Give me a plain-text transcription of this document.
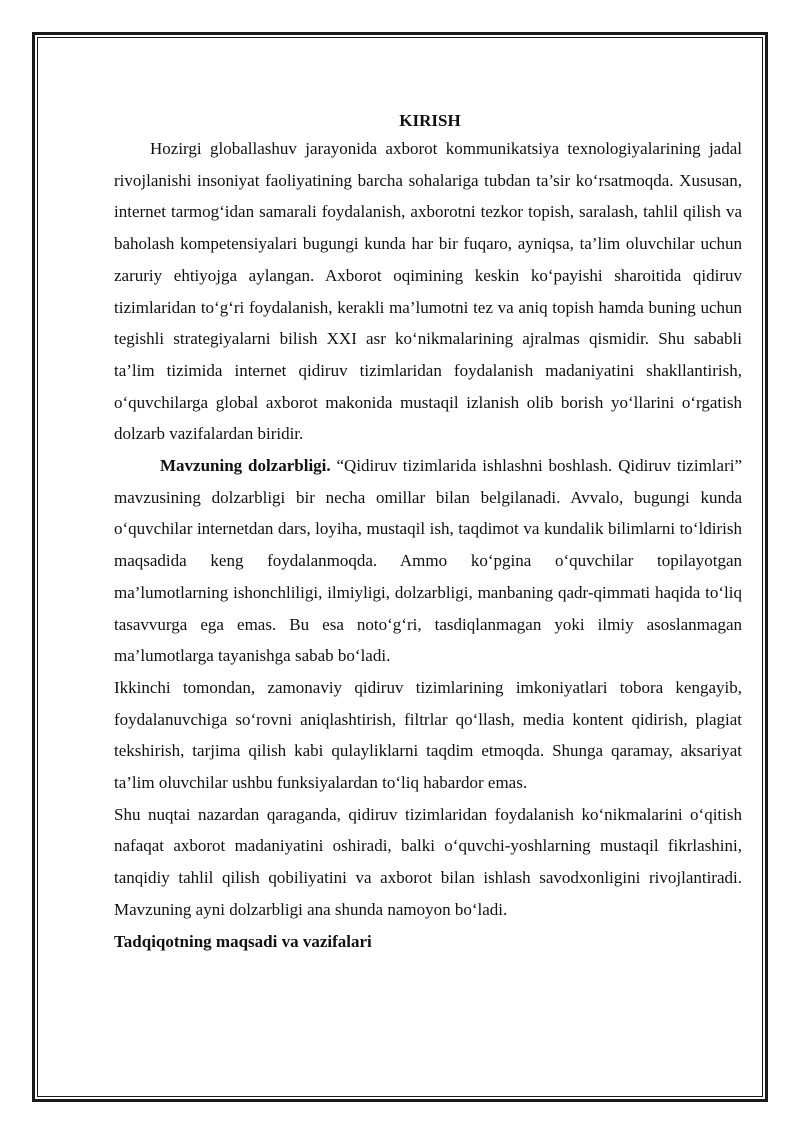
KIRISH

Hozirgi globallashuv jarayonida axborot kommunikatsiya texnologiyalarining jadal rivojlanishi insoniyat faoliyatining barcha sohalariga tubdan ta’sir ko‘rsatmoqda. Xususan, internet tarmog‘idan samarali foydalanish, axborotni tezkor topish, saralash, tahlil qilish va baholash kompetensiyalari bugungi kunda har bir fuqaro, ayniqsa, ta’lim oluvchilar uchun zaruriy ehtiyojga aylangan. Axborot oqimining keskin ko‘payishi sharoitida qidiruv tizimlaridan to‘g‘ri foydalanish, kerakli ma’lumotni tez va aniq topish hamda buning uchun tegishli strategiyalarni bilish XXI asr ko‘nikmalarining ajralmas qismidir. Shu sababli ta’lim tizimida internet qidiruv tizimlaridan foydalanish madaniyatini shakllantirish, o‘quvchilarga global axborot makonida mustaqil izlanish olib borish yo‘llarini o‘rgatish dolzarb vazifalardan biridir.

Mavzuning dolzarbligi. “Qidiruv tizimlarida ishlashni boshlash. Qidiruv tizimlari” mavzusining dolzarbligi bir necha omillar bilan belgilanadi. Avvalo, bugungi kunda o‘quvchilar internetdan dars, loyiha, mustaqil ish, taqdimot va kundalik bilimlarni to‘ldirish maqsadida keng foydalanmoqda. Ammo ko‘pgina o‘quvchilar topilayotgan ma’lumotlarning ishonchliligi, ilmiyligi, dolzarbligi, manbaning qadr-qimmati haqida to‘liq tasavvurga ega emas. Bu esa noto‘g‘ri, tasdiqlanmagan yoki ilmiy asoslanmagan ma’lumotlarga tayanishga sabab bo‘ladi.

Ikkinchi tomondan, zamonaviy qidiruv tizimlarining imkoniyatlari tobora kengayib, foydalanuvchiga so‘rovni aniqlashtirish, filtrlar qo‘llash, media kontent qidirish, plagiat tekshirish, tarjima qilish kabi qulayliklarni taqdim etmoqda. Shunga qaramay, aksariyat ta’lim oluvchilar ushbu funksiyalardan to‘liq habardor emas.

Shu nuqtai nazardan qaraganda, qidiruv tizimlaridan foydalanish ko‘nikmalarini o‘qitish nafaqat axborot madaniyatini oshiradi, balki o‘quvchi-yoshlarning mustaqil fikrlashini, tanqidiy tahlil qilish qobiliyatini va axborot bilan ishlash savodxonligini rivojlantiradi. Mavzuning ayni dolzarbligi ana shunda namoyon bo‘ladi.

Tadqiqotning maqsadi va vazifalari
